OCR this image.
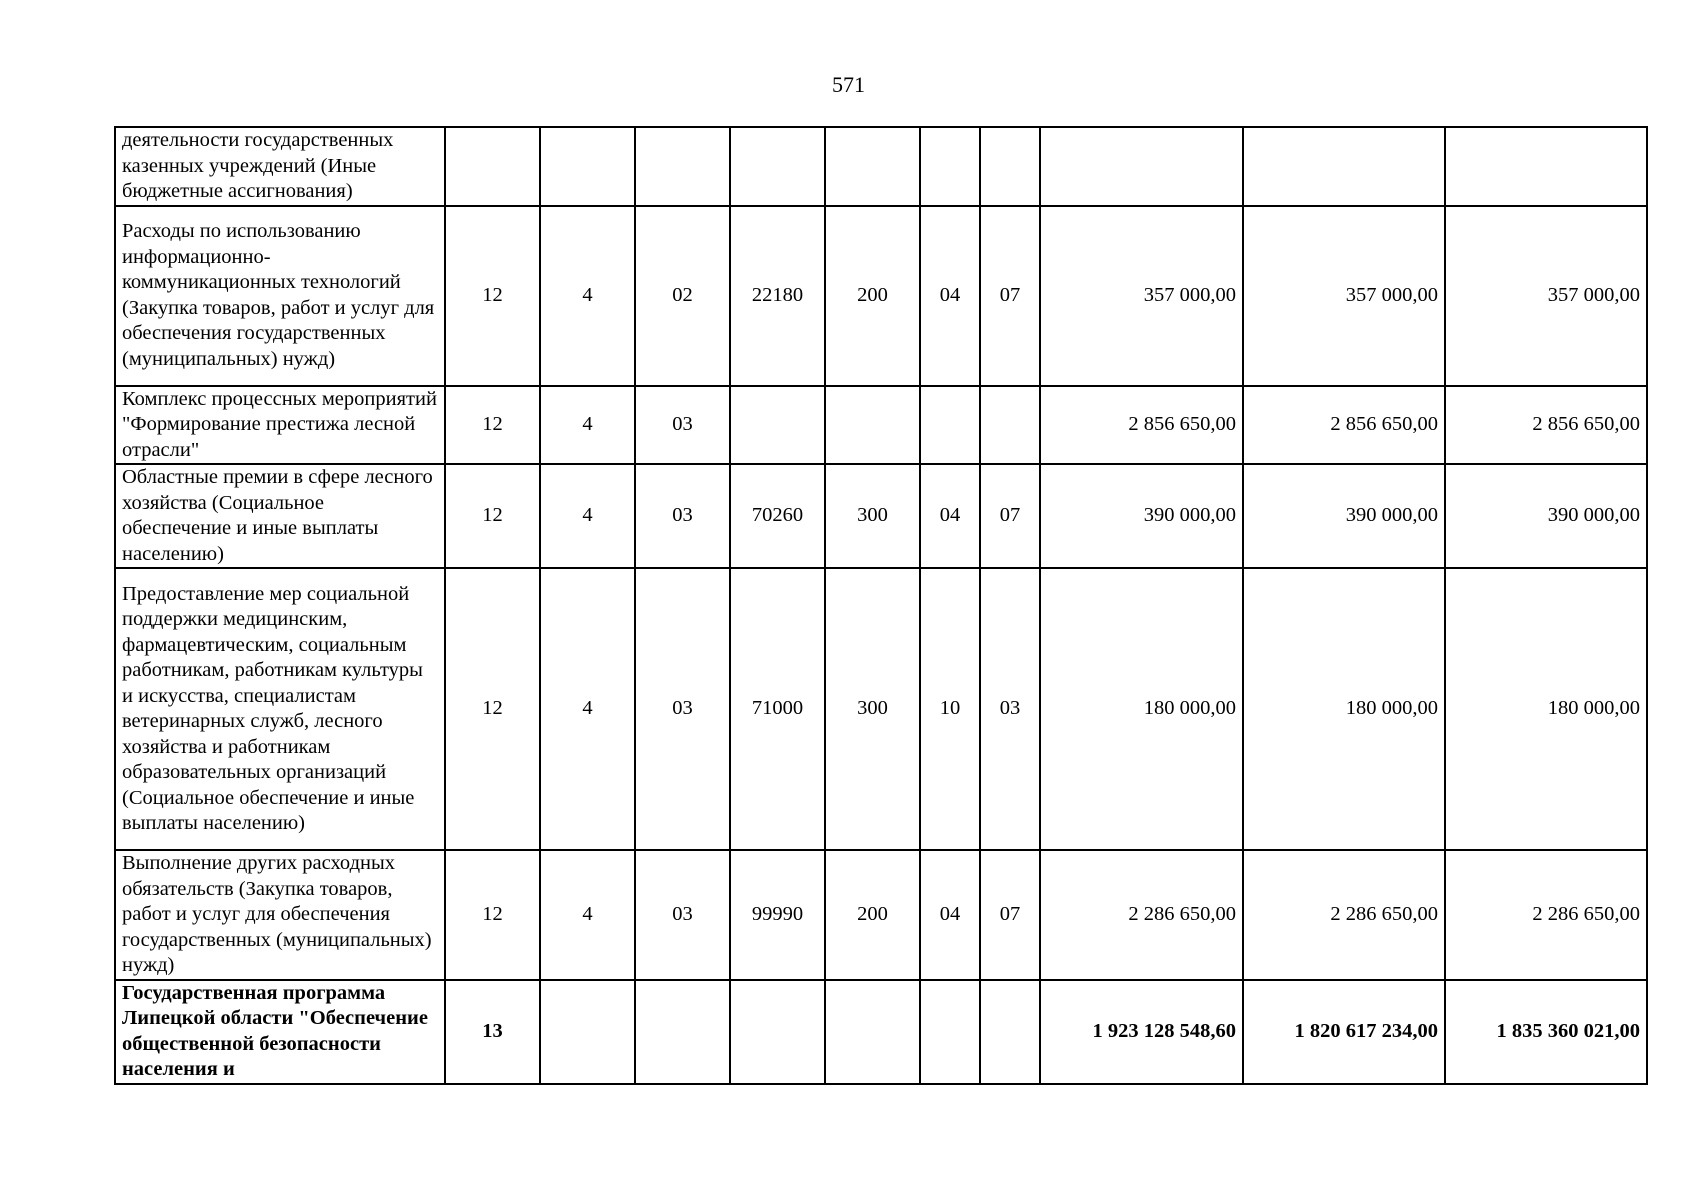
571
деятельности государственных казенных учреждений (Иные бюджетные ассигнования)										
Расходы по использованию информационно-коммуникационных технологий (Закупка товаров, работ и услуг для обеспечения государственных (муниципальных) нужд)	12	4	02	22180	200	04	07	357 000,00	357 000,00	357 000,00
Комплекс процессных мероприятий "Формирование престижа лесной отрасли"	12	4	03					2 856 650,00	2 856 650,00	2 856 650,00
Областные премии в сфере лесного хозяйства (Социальное обеспечение и иные выплаты населению)	12	4	03	70260	300	04	07	390 000,00	390 000,00	390 000,00
Предоставление мер социальной поддержки медицинским, фармацевтическим, социальным работникам, работникам культуры и искусства, специалистам ветеринарных служб, лесного хозяйства и работникам образовательных организаций (Социальное обеспечение и иные выплаты населению)	12	4	03	71000	300	10	03	180 000,00	180 000,00	180 000,00
Выполнение других расходных обязательств (Закупка товаров, работ и услуг для обеспечения государственных (муниципальных) нужд)	12	4	03	99990	200	04	07	2 286 650,00	2 286 650,00	2 286 650,00
Государственная программа Липецкой области "Обеспечение общественной безопасности населения и	13							1 923 128 548,60	1 820 617 234,00	1 835 360 021,00
